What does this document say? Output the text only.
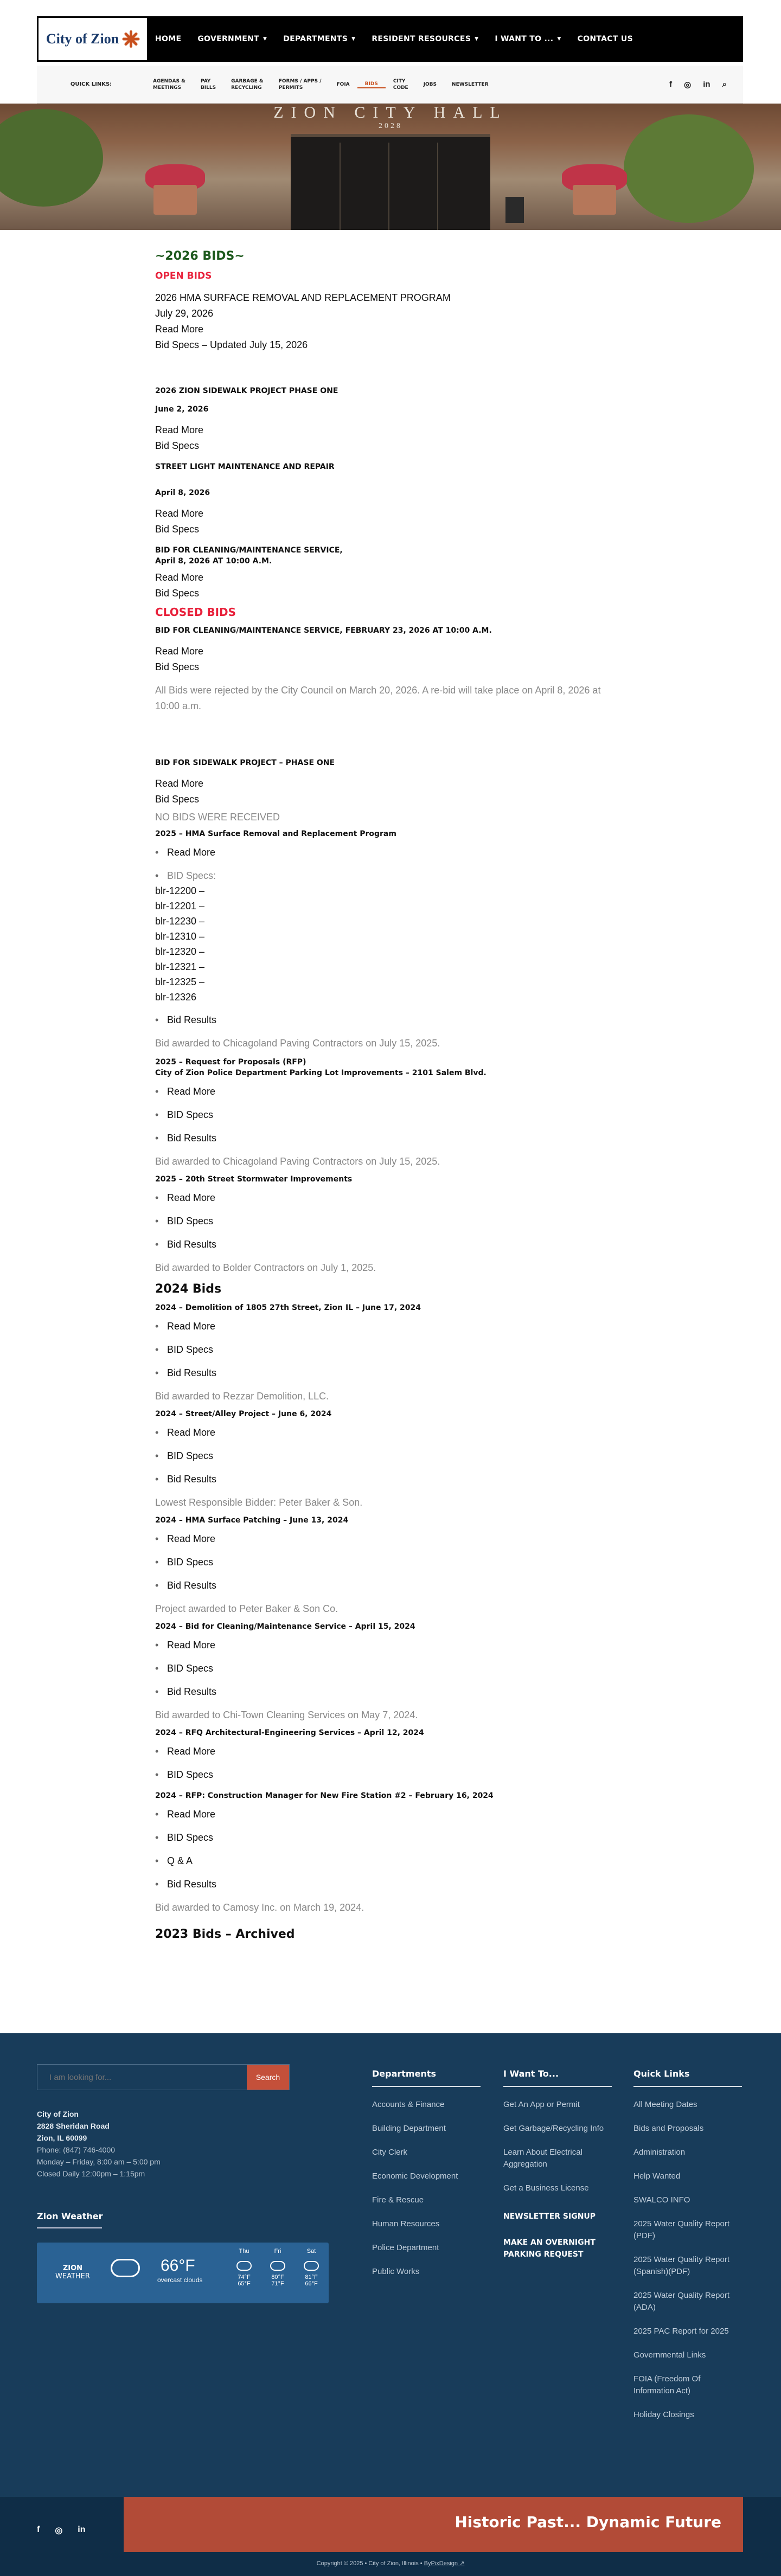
City of Zion	HOME GOVERNMENT ▼ DEPARTMENTS ▼ RESIDENT RESOURCES ▼ I WANT TO ... ▼ CONTACT US
QUICK LINKS:
AGENDAS &
MEETINGS
PAY
BILLS
GARBAGE &
RECYCLING
FORMS / APPS /
PERMITS
FOIA	BIDS	CITY
CODE
JOBS	NEWSLETTER	f ◎ in ⌕
ZION CITY HALL
2028
~2026 BIDS~
OPEN BIDS
2026 HMA SURFACE REMOVAL AND REPLACEMENT PROGRAM
July 29, 2026
Read More
Bid Specs – Updated July 15, 2026
2026 ZION SIDEWALK PROJECT PHASE ONE
June 2, 2026
Read More
Bid Specs
STREET LIGHT MAINTENANCE AND REPAIR
April 8, 2026
Read More
Bid Specs
BID FOR CLEANING/MAINTENANCE SERVICE,
April 8, 2026 AT 10:00 A.M.
Read More
Bid Specs
CLOSED BIDS
BID FOR CLEANING/MAINTENANCE SERVICE, FEBRUARY 23, 2026 AT 10:00 A.M.
Read More
Bid Specs
All Bids were rejected by the City Council on March 20, 2026. A re-bid will take place on April 8, 2026 at 10:00 a.m.
BID FOR SIDEWALK PROJECT – PHASE ONE
Read More
Bid Specs
NO BIDS WERE RECEIVED
2025 – HMA Surface Removal and Replacement Program
• Read More
• BID Specs:
blr-12200 –
blr-12201 –
blr-12230 –
blr-12310 –
blr-12320 –
blr-12321 –
blr-12325 –
blr-12326
• Bid Results
Bid awarded to Chicagoland Paving Contractors on July 15, 2025.
2025 – Request for Proposals (RFP)
City of Zion Police Department Parking Lot Improvements – 2101 Salem Blvd.
• Read More
• BID Specs
• Bid Results
Bid awarded to Chicagoland Paving Contractors on July 15, 2025.
2025 – 20th Street Stormwater Improvements
• Read More
• BID Specs
• Bid Results
Bid awarded to Bolder Contractors on July 1, 2025.
2024 Bids
2024 – Demolition of 1805 27th Street, Zion IL – June 17, 2024
• Read More
• BID Specs
• Bid Results
Bid awarded to Rezzar Demolition, LLC.
2024 – Street/Alley Project – June 6, 2024
• Read More
• BID Specs
• Bid Results
Lowest Responsible Bidder: Peter Baker & Son.
2024 – HMA Surface Patching – June 13, 2024
• Read More
• BID Specs
• Bid Results
Project awarded to Peter Baker & Son Co.
2024 – Bid for Cleaning/Maintenance Service – April 15, 2024
• Read More
• BID Specs
• Bid Results
Bid awarded to Chi-Town Cleaning Services on May 7, 2024.
2024 – RFQ Architectural-Engineering Services – April 12, 2024
• Read More
• BID Specs
2024 – RFP: Construction Manager for New Fire Station #2 – February 16, 2024
• Read More
• BID Specs
• Q & A
• Bid Results
Bid awarded to Camosy Inc. on March 19, 2024.
2023 Bids – Archived
I am looking for...
Search
City of Zion
2828 Sheridan Road
Zion, IL 60099
Phone: (847) 746-4000
Monday – Friday, 8:00 am – 5:00 pm
Closed Daily 12:00pm – 1:15pm
Zion Weather
ZION
WEATHER
66°F
overcast clouds
Thu
74°F
65°F
Fri
80°F
71°F
Sat
81°F
66°F
Departments
Accounts & Finance
Building Department
City Clerk
Economic Development
Fire & Rescue
Human Resources
Police Department
Public Works
I Want To...
Get An App or Permit
Get Garbage/Recycling Info
Learn About Electrical Aggregation
Get a Business License
NEWSLETTER SIGNUP
MAKE AN OVERNIGHT PARKING REQUEST
Quick Links
All Meeting Dates
Bids and Proposals
Administration
Help Wanted
SWALCO INFO
2025 Water Quality Report (PDF)
2025 Water Quality Report (Spanish)(PDF)
2025 Water Quality Report (ADA)
2025 PAC Report for 2025
Governmental Links
FOIA (Freedom Of Information Act)
Holiday Closings
f ◎ in	Historic Past... Dynamic Future
Copyright © 2025 • City of Zion, Illinois • ByPixDesign ↗
